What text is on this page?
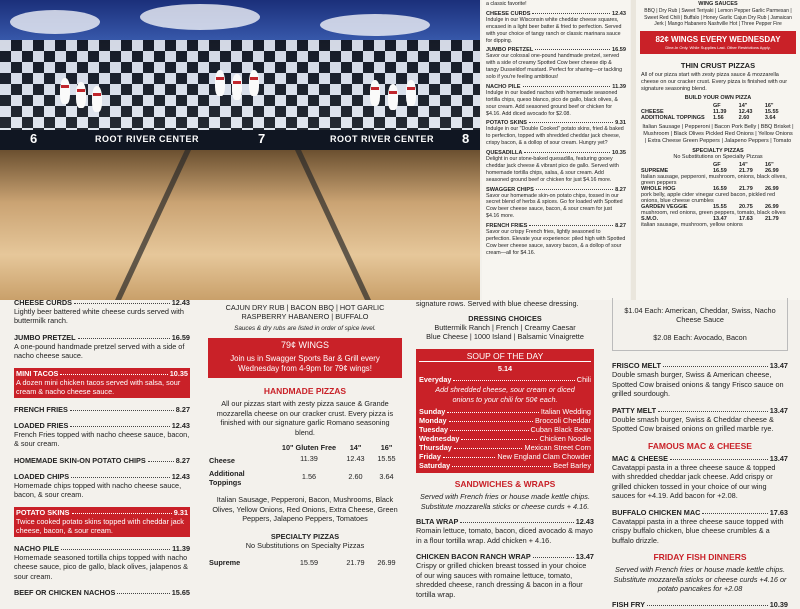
ROOT RIVER CENTER	ROOT RIVER CENTER
6	7	8
a classic favorite!
CHEESE CURDS	12.43
Indulge in our Wisconsin white cheddar cheese squares, encased in a light beer batter & fried to perfection. Served with your choice of tangy ranch or classic marinara sauce for dipping.
JUMBO PRETZEL	16.59
Savor our colossal one-pound handmade pretzel, served with a side of creamy Spotted Cow beer cheese dip & tangy Dusseldorf mustard. Perfect for sharing—or tackling solo if you're feeling ambitious!
NACHO PILE	11.39
Indulge in our loaded nachos with homemade seasoned tortilla chips, queso blanco, pico de gallo, black olives, & sour cream. Add seasoned ground beef or chicken for $4.16. Add diced avocado for $2.08.
POTATO SKINS	9.31
Indulge in our "Double Cooked" potato skins, fried & baked to perfection, topped with shredded cheddar jack cheese, crispy bacon, & a dollop of sour cream. Hungry yet?
QUESADILLA	10.35
Delight in our stone-baked quesadilla, featuring gooey cheddar jack cheese & vibrant pico de gallo. Served with homemade tortilla chips, salsa, & sour cream. Add seasoned ground beef or chicken for just $4.16 more.
SWAGGER CHIPS	8.27
Savor our homemade skin-on potato chips, tossed in our secret blend of herbs & spices. Go for loaded with Spotted Cow beer cheese sauce, bacon, & sour cream for just $4.16 more.
FRENCH FRIES	8.27
Savor our crispy French fries, lightly seasoned to perfection. Elevate your experience: piled high with Spotted Cow beer cheese sauce, savory bacon, & a dollop of sour cream—all for $4.16.
WING SAUCES
BBQ | Dry Rub | Sweet Teriyaki | Lemon Pepper Garlic Parmesan | Sweet Red Chili | Buffalo | Honey Garlic Cajun Dry Rub | Jamaican Jerk | Mango Habanero Nashville Hot | Three Pepper Fire
82¢ WINGS EVERY WEDNESDAY
Dine-In Only. While Supplies Last. Other Restrictions Apply.
THIN CRUST PIZZAS
All of our pizza start with zesty pizza sauce & mozzarella cheese on our cracker crust. Every pizza is finished with our signature seasoning blend.
BUILD YOUR OWN PIZZA
	GF	14"	16"
CHEESE	11.39	12.43	15.55
ADDITIONAL TOPPINGS	1.56	2.60	3.64
Italian Sausage | Pepperoni | Bacon Pork Belly | BBQ Brisket | Mushroom | Black Olives Pickled Red Onions | Yellow Onions | Extra Cheese Green Peppers | Jalapeno Peppers | Tomato
SPECIALTY PIZZAS
No Substitutions on Specialty Pizzas
	GF	14"	16"
SUPREME	16.59	21.79	26.99
Italian sausage, pepperoni, mushroom, onions, black olives, green peppers			
WHOLE HOG	16.59	21.79	26.99
pork belly, apple cider vinegar cured bacon, pickled red onions, blue cheese crumbles			
GARDEN VEGGIE	15.55	20.75	26.99
mushroom, red onions, green peppers, tomato, black olives			
S.M.O.	13.47	17.63	21.79
italian sausage, mushroom, yellow onions			
CHEESE CURDS	12.43
Lightly beer battered white cheese curds served with buttermilk ranch.
JUMBO PRETZEL	16.59
A one-pound handmade pretzel served with a side of nacho cheese sauce.
MINI TACOS	10.35
A dozen mini chicken tacos served with salsa, sour cream & nacho cheese sauce.
FRENCH FRIES	8.27
LOADED FRIES	12.43
French Fries topped with nacho cheese sauce, bacon, & sour cream.
HOMEMADE SKIN-ON POTATO CHIPS	8.27
LOADED CHIPS	12.43
Homemade chips topped with nacho cheese sauce, bacon, & sour cream.
POTATO SKINS	9.31
Twice cooked potato skins topped with cheddar jack cheese, bacon, & sour cream.
NACHO PILE	11.39
Homemade seasoned tortilla chips topped with nacho cheese sauce, pico de gallo, black olives, jalapenos & sour cream.
BEEF OR CHICKEN NACHOS	15.65
CAJUN DRY RUB | BACON BBQ | HOT GARLIC
RASPBERRY HABANERO | BUFFALO
Sauces & dry rubs are listed in order of spice level.
79¢ WINGS
Join us in Swagger Sports Bar & Grill every Wednesday from 4-9pm for 79¢ wings!
HANDMADE PIZZAS
All our pizzas start with zesty pizza sauce & Grande mozzarella cheese on our cracker crust. Every pizza is finished with our signature garlic Romano seasoning blend.
	10" Gluten Free	14"	16"
Cheese	11.39	12.43	15.55
Additional Toppings	1.56	2.60	3.64
Italian Sausage, Pepperoni, Bacon, Mushrooms, Black Olives, Yellow Onions, Red Onions, Extra Cheese, Green Peppers, Jalapeno Peppers, Tomatoes
SPECIALTY PIZZAS
No Substitutions on Specialty Pizzas
Supreme	15.59	21.79	26.99
signature rows. Served with blue cheese dressing.
DRESSING CHOICES
Buttermilk Ranch | French | Creamy Caesar
Blue Cheese | 1000 Island | Balsamic Vinaigrette
SOUP OF THE DAY
5.14
Everyday	Chili
Add shredded cheese, sour cream or diced onions to your chili for 50¢ each.
Sunday	Italian Wedding
Monday	Broccoli Cheddar
Tuesday	Cuban Black Bean
Wednesday	Chicken Noodle
Thursday	Mexican Street Corn
Friday	New England Clam Chowder
Saturday	Beef Barley
SANDWICHES & WRAPS
Served with French fries or house made kettle chips. Substitute mozzarella sticks or cheese curds + 4.16.
BLTA WRAP	12.43
Romain lettuce, tomato, bacon, diced avocado & mayo in a flour tortilla wrap. Add chicken + 4.16.
CHICKEN BACON RANCH WRAP	13.47
Crispy or grilled chicken breast tossed in your choice of our wing sauces with romaine lettuce, tomato, shredded cheese, ranch dressing & bacon in a flour tortilla wrap.
$1.04 Each: American, Cheddar, Swiss, Nacho Cheese Sauce
$2.08 Each: Avocado, Bacon
FRISCO MELT	13.47
Double smash burger, Swiss & American cheese, Spotted Cow braised onions & tangy Frisco sauce on grilled sourdough.
PATTY MELT	13.47
Double smash burger, Swiss & Cheddar cheese & Spotted Cow braised onions on grilled marble rye.
FAMOUS MAC & CHEESE
MAC & CHEESE	13.47
Cavatappi pasta in a three cheese sauce & topped with shredded cheddar jack cheese. Add crispy or grilled chicken tossed in your choice of our wing sauces for +4.19. Add bacon for +2.08.
BUFFALO CHICKEN MAC	17.63
Cavatappi pasta in a three cheese sauce topped with crispy buffalo chicken, blue cheese crumbles & a buffalo drizzle.
FRIDAY FISH DINNERS
Served with French fries or house made kettle chips. Substitute mozzarella sticks or cheese curds +4.16 or potato pancakes for +2.08
FISH FRY	10.39
